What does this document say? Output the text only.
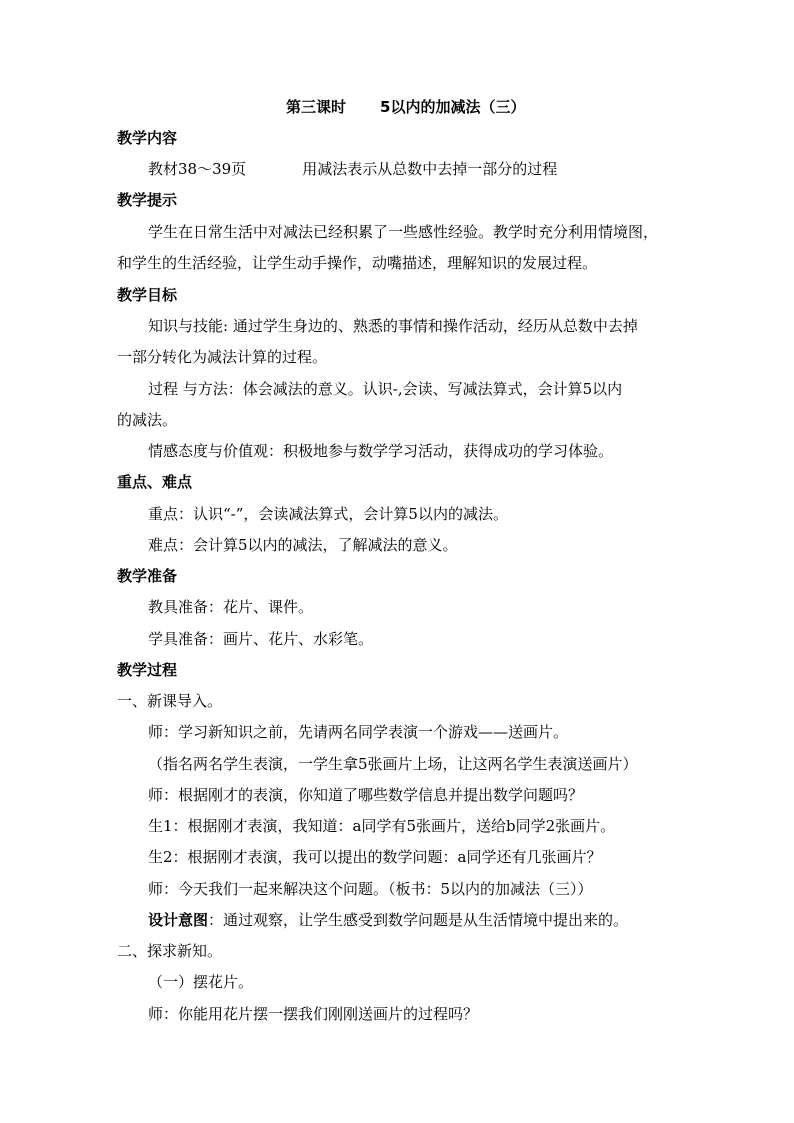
第三课时 5以内的加减法（三）
教学内容
教材38～39页	用减法表示从总数中去掉一部分的过程
教学提示
学生在日常生活中对减法已经积累了一些感性经验。教学时充分利用情境图，
和学生的生活经验，让学生动手操作，动嘴描述，理解知识的发展过程。
教学目标
知识与技能: 通过学生身边的、熟悉的事情和操作活动，经历从总数中去掉
一部分转化为减法计算的过程。
过程 与方法：体会减法的意义。认识-,会读、写减法算式，会计算5以内
的减法。
情感态度与价值观：积极地参与数学学习活动，获得成功的学习体验。
重点、难点
重点：认识“-”，会读减法算式，会计算5以内的减法。
难点：会计算5以内的减法，了解减法的意义。
教学准备
教具准备：花片、课件。
学具准备：画片、花片、水彩笔。
教学过程
一、新课导入。
师：学习新知识之前，先请两名同学表演一个游戏——送画片。
（指名两名学生表演，一学生拿5张画片上场，让这两名学生表演送画片）
师：根据刚才的表演，你知道了哪些数学信息并提出数学问题吗？
生1：根据刚才表演，我知道：a同学有5张画片，送给b同学2张画片。
生2：根据刚才表演，我可以提出的数学问题：a同学还有几张画片？
师：今天我们一起来解决这个问题。（板书：5以内的加减法（三））
设计意图：通过观察，让学生感受到数学问题是从生活情境中提出来的。
二、探求新知。
（一）摆花片。
师：你能用花片摆一摆我们刚刚送画片的过程吗？
